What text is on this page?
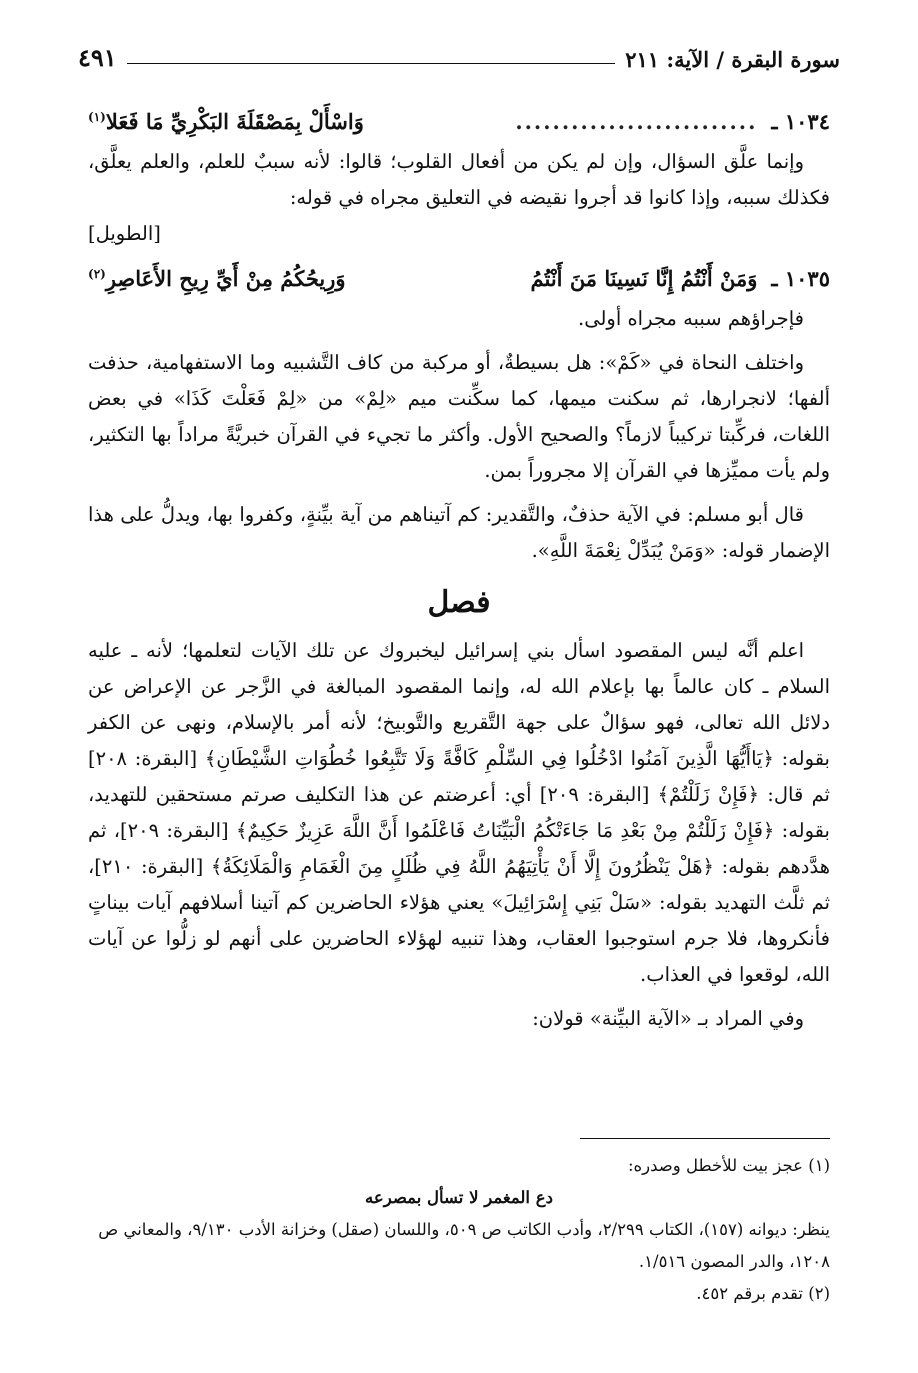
سورة البقرة / الآية: ٢١١
٤٩١
١٠٣٤ ـ
..........................
وَاسْأَلْ بِمَصْقَلَةَ البَكْرِيِّ مَا فَعَلا$^{(١)}$

وإنما علَّق السؤال، وإن لم يكن من أفعال القلوب؛ قالوا: لأنه سببٌ للعلم، والعلم يعلَّق، فكذلك سببه، وإذا كانوا قد أجروا نقيضه في التعليق مجراه في قوله:

[الطويل]

١٠٣٥ ـ
وَمَنْ أَنْتُمُ إِنَّا نَسِينَا مَنَ أَنْتُمُ
وَرِيحُكُمُ مِنْ أَيِّ رِيحِ الأَعَاصِرِ$^{(٢)}$

فإجراؤهم سببه مجراه أولى.

واختلف النحاة في «كَمْ»: هل بسيطةٌ، أو مركبة من كاف التَّشبيه وما الاستفهامية، حذفت ألفها؛ لانجرارها، ثم سكنت ميمها، كما سكِّنت ميم «لِمْ» من «لِمْ فَعَلْتَ كَذَا» في بعض اللغات، فركِّبتا تركيباً لازماً؟ والصحيح الأول. وأكثر ما تجيء في القرآن خبريَّةً مراداً بها التكثير، ولم يأت مميِّزها في القرآن إلا مجروراً بمن.

قال أبو مسلم: في الآية حذفٌ، والتَّقدير: كم آتيناهم من آية بيِّنةٍ، وكفروا بها، ويدلُّ على هذا الإضمار قوله: «وَمَنْ يُبَدِّلْ نِعْمَةَ اللَّهِ».

فصل

اعلم أنَّه ليس المقصود اسأل بني إسرائيل ليخبروك عن تلك الآيات لتعلمها؛ لأنه ـ عليه السلام ـ كان عالماً بها بإعلام الله له، وإنما المقصود المبالغة في الزَّجر عن الإعراض عن دلائل الله تعالى، فهو سؤالٌ على جهة التَّقريع والتَّوبيخ؛ لأنه أمر بالإسلام، ونهى عن الكفر بقوله: ﴿يَاأَيُّهَا الَّذِينَ آمَنُوا ادْخُلُوا فِي السِّلْمِ كَافَّةً وَلَا تَتَّبِعُوا خُطُوَاتِ الشَّيْطَانِ﴾ [البقرة: ٢٠٨] ثم قال: ﴿فَإِنْ زَلَلْتُمْ﴾ [البقرة: ٢٠٩] أي: أعرضتم عن هذا التكليف صرتم مستحقين للتهديد، بقوله: ﴿فَإِنْ زَلَلْتُمْ مِنْ بَعْدِ مَا جَاءَتْكُمُ الْبَيِّنَاتُ فَاعْلَمُوا أَنَّ اللَّهَ عَزِيزٌ حَكِيمٌ﴾ [البقرة: ٢٠٩]، ثم هدَّدهم بقوله: ﴿هَلْ يَنْظُرُونَ إِلَّا أَنْ يَأْتِيَهُمُ اللَّهُ فِي ظُلَلٍ مِنَ الْغَمَامِ وَالْمَلَائِكَةُ﴾ [البقرة: ٢١٠]، ثم ثلَّث التهديد بقوله: «سَلْ بَنِي إِسْرَائِيلَ» يعني هؤلاء الحاضرين كم آتينا أسلافهم آيات بيناتٍ فأنكروها، فلا جرم استوجبوا العقاب، وهذا تنبيه لهؤلاء الحاضرين على أنهم لو زلُّوا عن آيات الله، لوقعوا في العذاب.

وفي المراد بـ «الآية البيِّنة» قولان:

(١) عجز بيت للأخطل وصدره:

دع المغمر لا تسأل بمصرعه

ينظر: ديوانه (١٥٧)، الكتاب ٢/٢٩٩، وأدب الكاتب ص ٥٠٩، واللسان (صقل) وخزانة الأدب ٩/١٣٠، والمعاني ص ١٢٠٨، والدر المصون ١/٥١٦.

(٢) تقدم برقم ٤٥٢.
